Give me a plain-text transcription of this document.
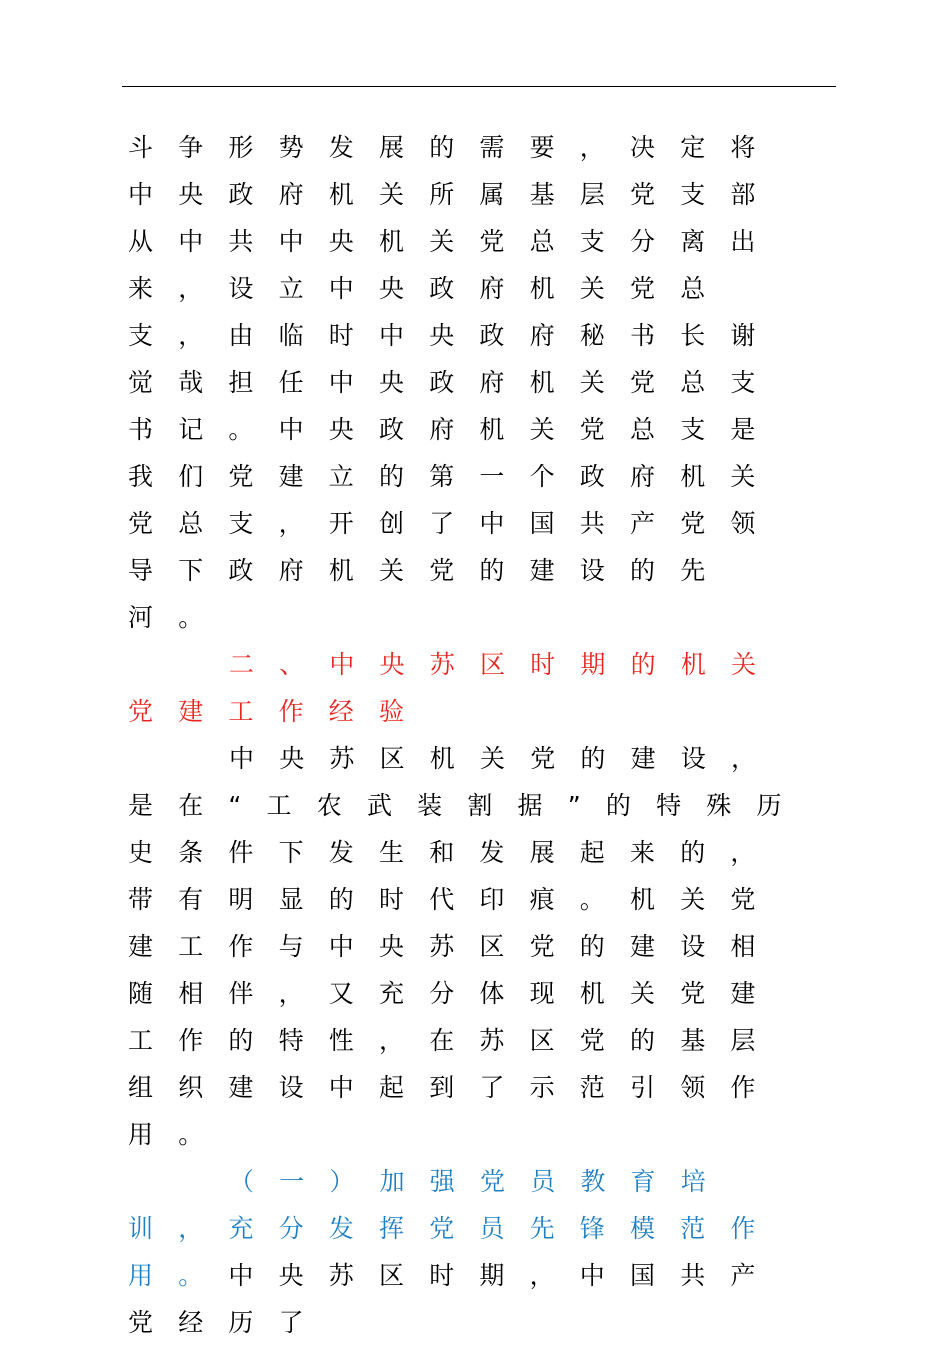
斗争形势发展的需要，决定将中央政府机关所属基层党支部从中共中央机关党总支分离出来，设立中央政府机关党总支，由临时中央政府秘书长谢觉哉担任中央政府机关党总支书记。中央政府机关党总支是我们党建立的第一个政府机关党总支，开创了中国共产党领导下政府机关党的建设的先河。

二、中央苏区时期的机关党建工作经验

中央苏区机关党的建设，是在“工农武装割据”的特殊历史条件下发生和发展起来的，带有明显的时代印痕。机关党建工作与中央苏区党的建设相随相伴，又充分体现机关党建工作的特性，在苏区党的基层组织建设中起到了示范引领作用。

（一）加强党员教育培训，充分发挥党员先锋模范作用。中央苏区时期，中国共产党经历了
